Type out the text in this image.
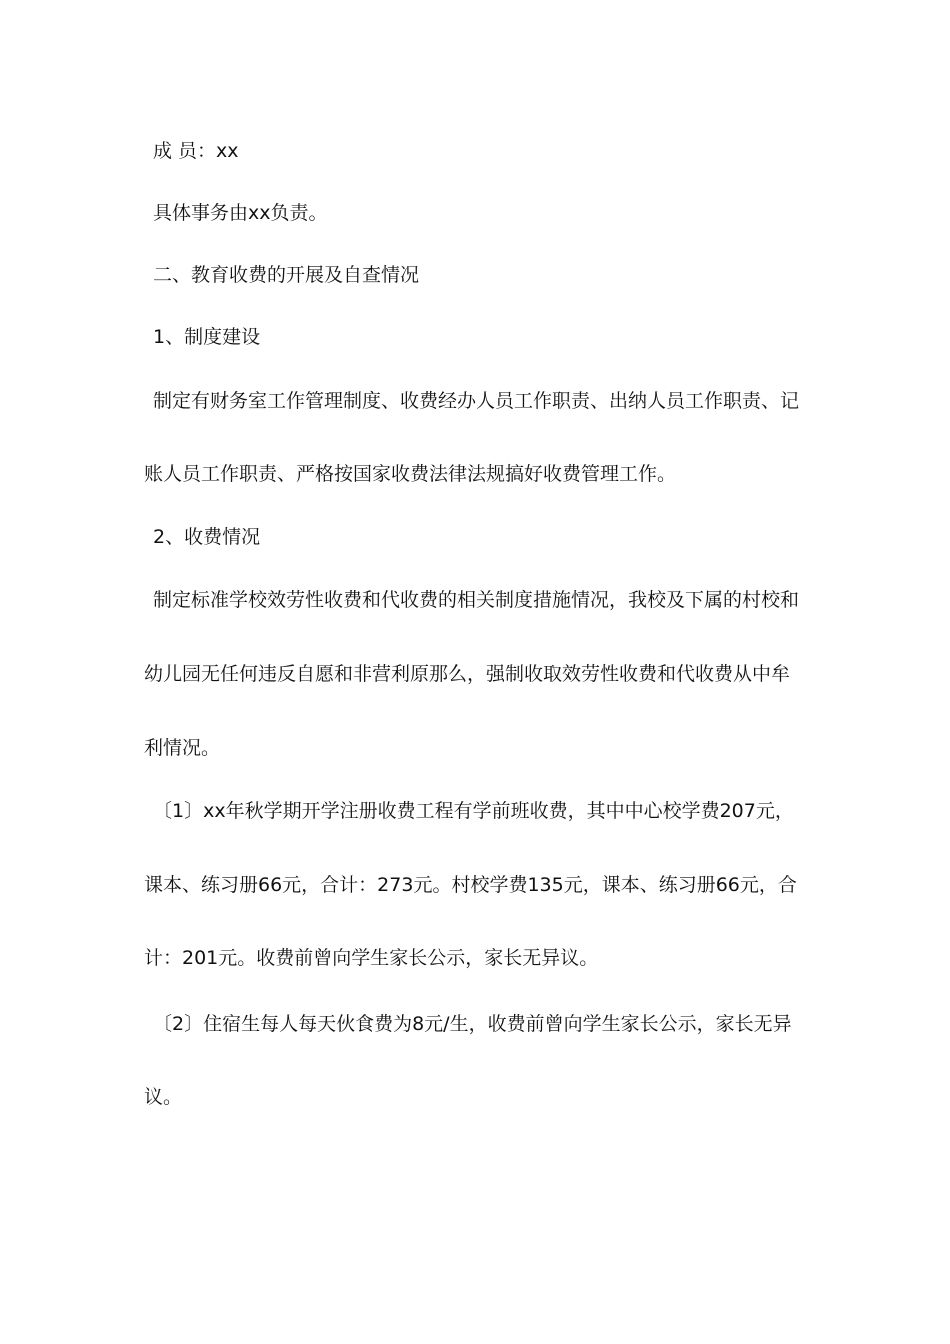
成 员：xx

具体事务由xx负责。

二、教育收费的开展及自查情况

1、制度建设

制定有财务室工作管理制度、收费经办人员工作职责、出纳人员工作职责、记

账人员工作职责、严格按国家收费法律法规搞好收费管理工作。

2、收费情况

制定标准学校效劳性收费和代收费的相关制度措施情况，我校及下属的村校和

幼儿园无任何违反自愿和非营利原那么，强制收取效劳性收费和代收费从中牟

利情况。

〔1〕xx年秋学期开学注册收费工程有学前班收费，其中中心校学费207元，

课本、练习册66元，合计：273元。村校学费135元，课本、练习册66元，合

计：201元。收费前曾向学生家长公示，家长无异议。

〔2〕住宿生每人每天伙食费为8元/生，收费前曾向学生家长公示，家长无异

议。
